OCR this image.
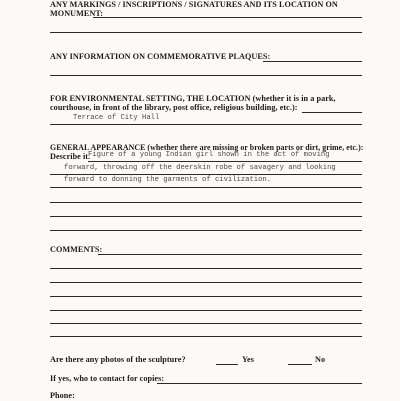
ANY MARKINGS / INSCRIPTIONS / SIGNATURES AND ITS LOCATION ON
MONUMENT:
ANY INFORMATION ON COMMEMORATIVE PLAQUES:
FOR ENVIRONMENTAL SETTING, THE LOCATION (whether it is in a park,
courthouse, in front of the library, post office, religious building, etc.):
Terrace of City Hall
GENERAL APPEARANCE (whether there are missing or broken parts or dirt, grime, etc.):
Describe it.
Figure of a young Indian girl shown in the act of moving
forward, throwing off the deerskin robe of savagery and looking
forward to donning the garments of civilization.
COMMENTS:
Are there any photos of the sculpture?	Yes	No
If yes, who to contact for copies:
Phone:
